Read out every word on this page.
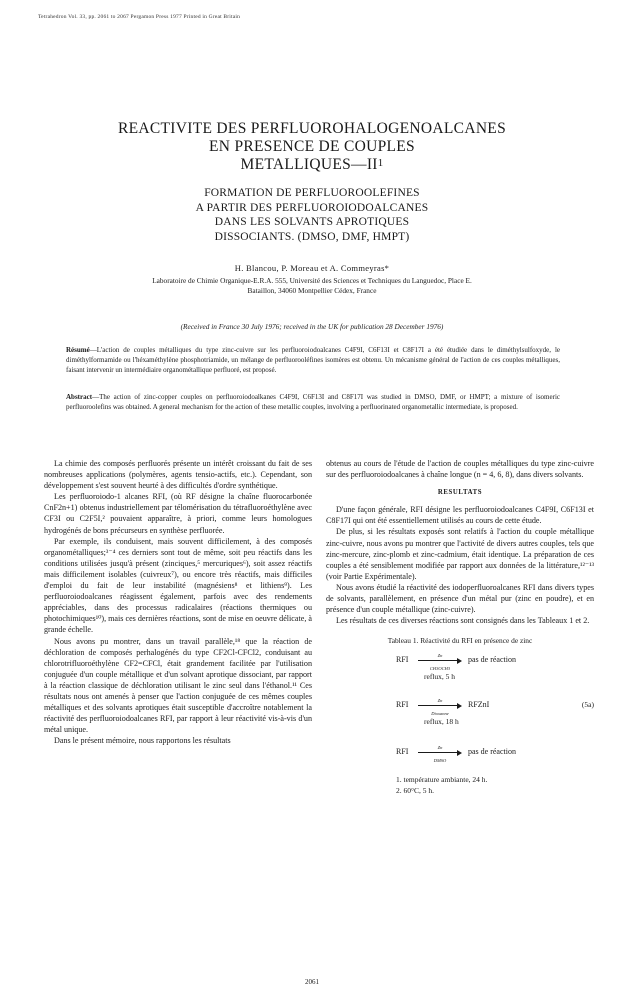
Tetrahedron Vol. 33, pp. 2061 to 2067 Pergamon Press 1977 Printed in Great Britain
REACTIVITE DES PERFLUOROHALOGENOALCANES
EN PRESENCE DE COUPLES
$METALLIQUES—II^1$
FORMATION DE PERFLUOROOLEFINES
A PARTIR DES PERFLUOROIODOALCANES
DANS LES SOLVANTS APROTIQUES
DISSOCIANTS. (DMSO, DMF, HMPT)
H. Blancou, P. Moreau et A. Commeyras*
Laboratoire de Chimie Organique-E.R.A. 555, Université des Sciences et Techniques du Languedoc, Place E.
Bataillon, 34060 Montpellier Cédex, France
(Received in France 30 July 1976; received in the UK for publication 28 December 1976)
Résumé—L'action de couples métalliques du type zinc-cuivre sur les perfluoroiodoalcanes C4F9I, C6F13I et C8F17I a été étudiée dans le diméthylsulfoxyde, le diméthylformamide ou l'héxaméthylène phosphotriamide, un mélange de perfluorooléfines isomères est obtenu. Un mécanisme général de l'action de ces couples métalliques, faisant intervenir un intermédiaire organométallique perfluoré, est proposé.
Abstract—The action of zinc-copper couples on perfluoroiodoalkanes C4F9I, C6F13I and C8F17I was studied in DMSO, DMF, or HMPT; a mixture of isomeric perfluoroolefins was obtained. A general mechanism for the action of these metallic couples, involving a perfluorinated organometallic intermediate, is proposed.

La chimie des composés perfluorés présente un intérêt croissant du fait de ses nombreuses applications (polymères, agents tensio-actifs, etc.). Cependant, son développement s'est souvent heurté à des difficultés d'ordre synthétique.

Les perfluoroiodo-1 alcanes RFI, (où RF désigne la chaîne fluorocarbonée CnF2n+1) obtenus industriellement par télomérisation du tétrafluoroéthylène avec CF3I ou C2F5I,² pouvaient apparaître, à priori, comme leurs homologues hydrogénés de bons précurseurs en synthèse perfluorée.

Par exemple, ils conduisent, mais souvent difficilement, à des composés organométalliques;³⁻⁴ ces derniers sont tout de même, soit peu réactifs dans les conditions utilisées jusqu'à présent (zinciques,⁵ mercuriques⁶), soit assez réactifs mais difficilement isolables (cuivreux⁷), ou encore très réactifs, mais difficiles d'emploi du fait de leur instabilité (magnésiens⁸ et lithiens⁹). Les perfluoroiodoalcanes réagissent également, parfois avec des rendements appréciables, dans des processus radicalaires (réactions thermiques ou photochimiques¹⁰), mais ces dernières réactions, sont de mise en oeuvre délicate, à grande échelle.

Nous avons pu montrer, dans un travail parallèle,¹⁸ que la réaction de déchloration de composés perhalogénés du type CF2Cl-CFCl2, conduisant au chlorotrifluoroéthylène CF2=CFCl, était grandement facilitée par l'utilisation conjuguée d'un couple métallique et d'un solvant aprotique dissociant, par rapport à la réaction classique de déchloration utilisant le zinc seul dans l'éthanol.¹¹ Ces résultats nous ont amenés à penser que l'action conjuguée de ces mêmes couples métalliques et des solvants aprotiques était susceptible d'accroître notablement la réactivité des perfluoroiodoalcanes RFI, par rapport à leur réactivité vis-à-vis d'un métal unique.

Dans le présent mémoire, nous rapportons les résultats

obtenus au cours de l'étude de l'action de couples métalliques du type zinc-cuivre sur des perfluoroiodoalcanes à chaîne longue (n = 4, 6, 8), dans divers solvants.

RESULTATS

D'une façon générale, RFI désigne les perfluoroiodoalcanes C4F9I, C6F13I et C8F17I qui ont été essentiellement utilisés au cours de cette étude.

De plus, si les résultats exposés sont relatifs à l'action du couple métallique zinc-cuivre, nous avons pu montrer que l'activité de divers autres couples, tels que zinc-mercure, zinc-plomb et zinc-cadmium, était identique. La préparation de ces couples a été sensiblement modifiée par rapport aux données de la littérature,¹²⁻¹³ (voir Partie Expérimentale).

Nous avons étudié la réactivité des iodoperfluoroalcanes RFI dans divers types de solvants, parallèlement, en présence d'un métal pur (zinc en poudre), et en présence d'un couple métallique (zinc-cuivre).

Les résultats de ces diverses réactions sont consignés dans les Tableaux 1 et 2.

Tableau 1. Réactivité du RFI en présence de zinc
RFI	Zn
CH3OCH3
pas de réaction
reflux, 5 h
RFI	Zn
Dioxanne
RFZnI
reflux, 18 h
(5a)
RFI	Zn
DMSO
pas de réaction
1. température ambiante, 24 h.
2. 60°C, 5 h.
2061
